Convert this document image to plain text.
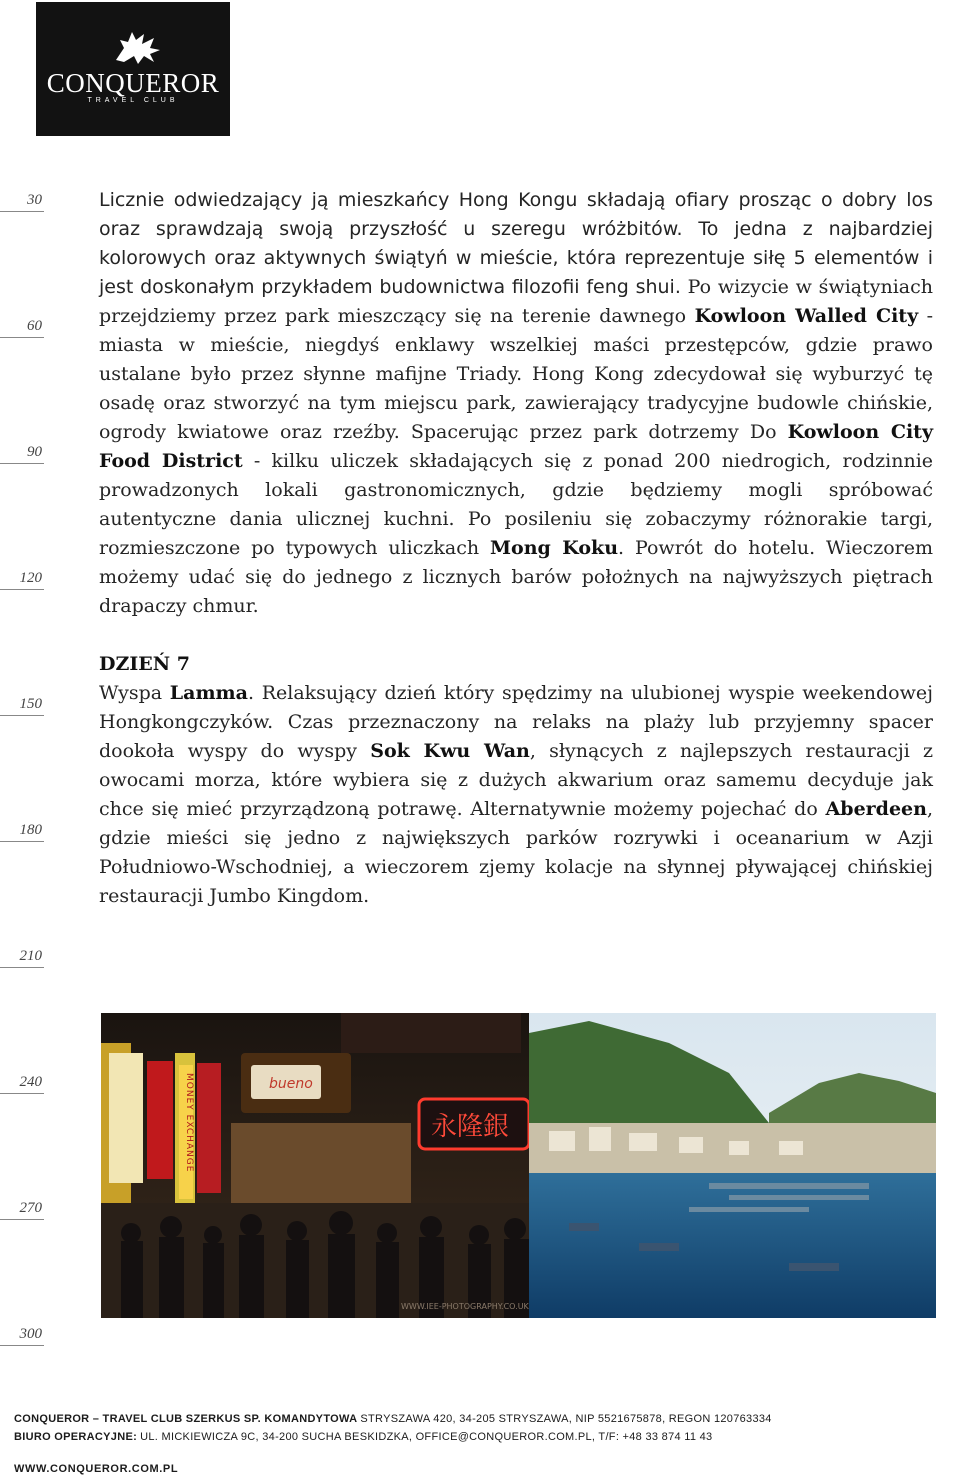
CONQUEROR
TRAVEL CLUB
30
60
90
120
150
180
210
240
270
300

Licznie odwiedzający ją mieszkańcy Hong Kongu składają ofiary prosząc o dobry los oraz sprawdzają swoją przyszłość u szeregu wróżbitów. To jedna z najbardziej kolorowych oraz aktywnych świątyń w mieście, która reprezentuje siłę 5 elementów i jest doskonałym przykładem budownictwa filozofii feng shui. Po wizycie w świątyniach przejdziemy przez park mieszczący się na terenie dawnego Kowloon Walled City - miasta w mieście, niegdyś enklawy wszelkiej maści przestępców, gdzie prawo ustalane było przez słynne mafijne Triady. Hong Kong zdecydował się wyburzyć tę osadę oraz stworzyć na tym miejscu park, zawierający tradycyjne budowle chińskie, ogrody kwiatowe oraz rzeźby. Spacerując przez park dotrzemy Do Kowloon City Food District - kilku uliczek składających się z ponad 200 niedrogich, rodzinnie prowadzonych lokali gastronomicznych, gdzie będziemy mogli spróbować autentyczne dania ulicznej kuchni. Po posileniu się zobaczymy różnorakie targi, rozmieszczone po typowych uliczkach Mong Koku. Powrót do hotelu. Wieczorem możemy udać się do jednego z licznych barów położnych na najwyższych piętrach drapaczy chmur.

DZIEŃ 7

Wyspa Lamma. Relaksujący dzień który spędzimy na ulubionej wyspie weekendowej Hongkongczyków. Czas przeznaczony na relaks na plaży lub przyjemny spacer dookoła wyspy do wyspy Sok Kwu Wan, słynących z najlepszych restauracji z owocami morza, które wybiera się z dużych akwarium oraz samemu decyduje jak chce się mieć przyrządzoną potrawę. Alternatywnie możemy pojechać do Aberdeen, gdzie mieści się jedno z największych parków rozrywki i oceanarium w Azji Południowo-Wschodniej, a wieczorem zjemy kolacje na słynnej pływającej chińskiej restauracji Jumbo Kingdom.

bueno
永隆銀
MONEY EXCHANGE
WWW.IEE-PHOTOGRAPHY.CO.UK
CONQUEROR – TRAVEL CLUB SZERKUS SP. KOMANDYTOWA STRYSZAWA 420, 34-205 STRYSZAWA, NIP 5521675878, REGON 120763334
BIURO OPERACYJNE: UL. MICKIEWICZA 9C, 34-200 SUCHA BESKIDZKA, OFFICE@CONQUEROR.COM.PL, T/F: +48 33 874 11 43
WWW.CONQUEROR.COM.PL
